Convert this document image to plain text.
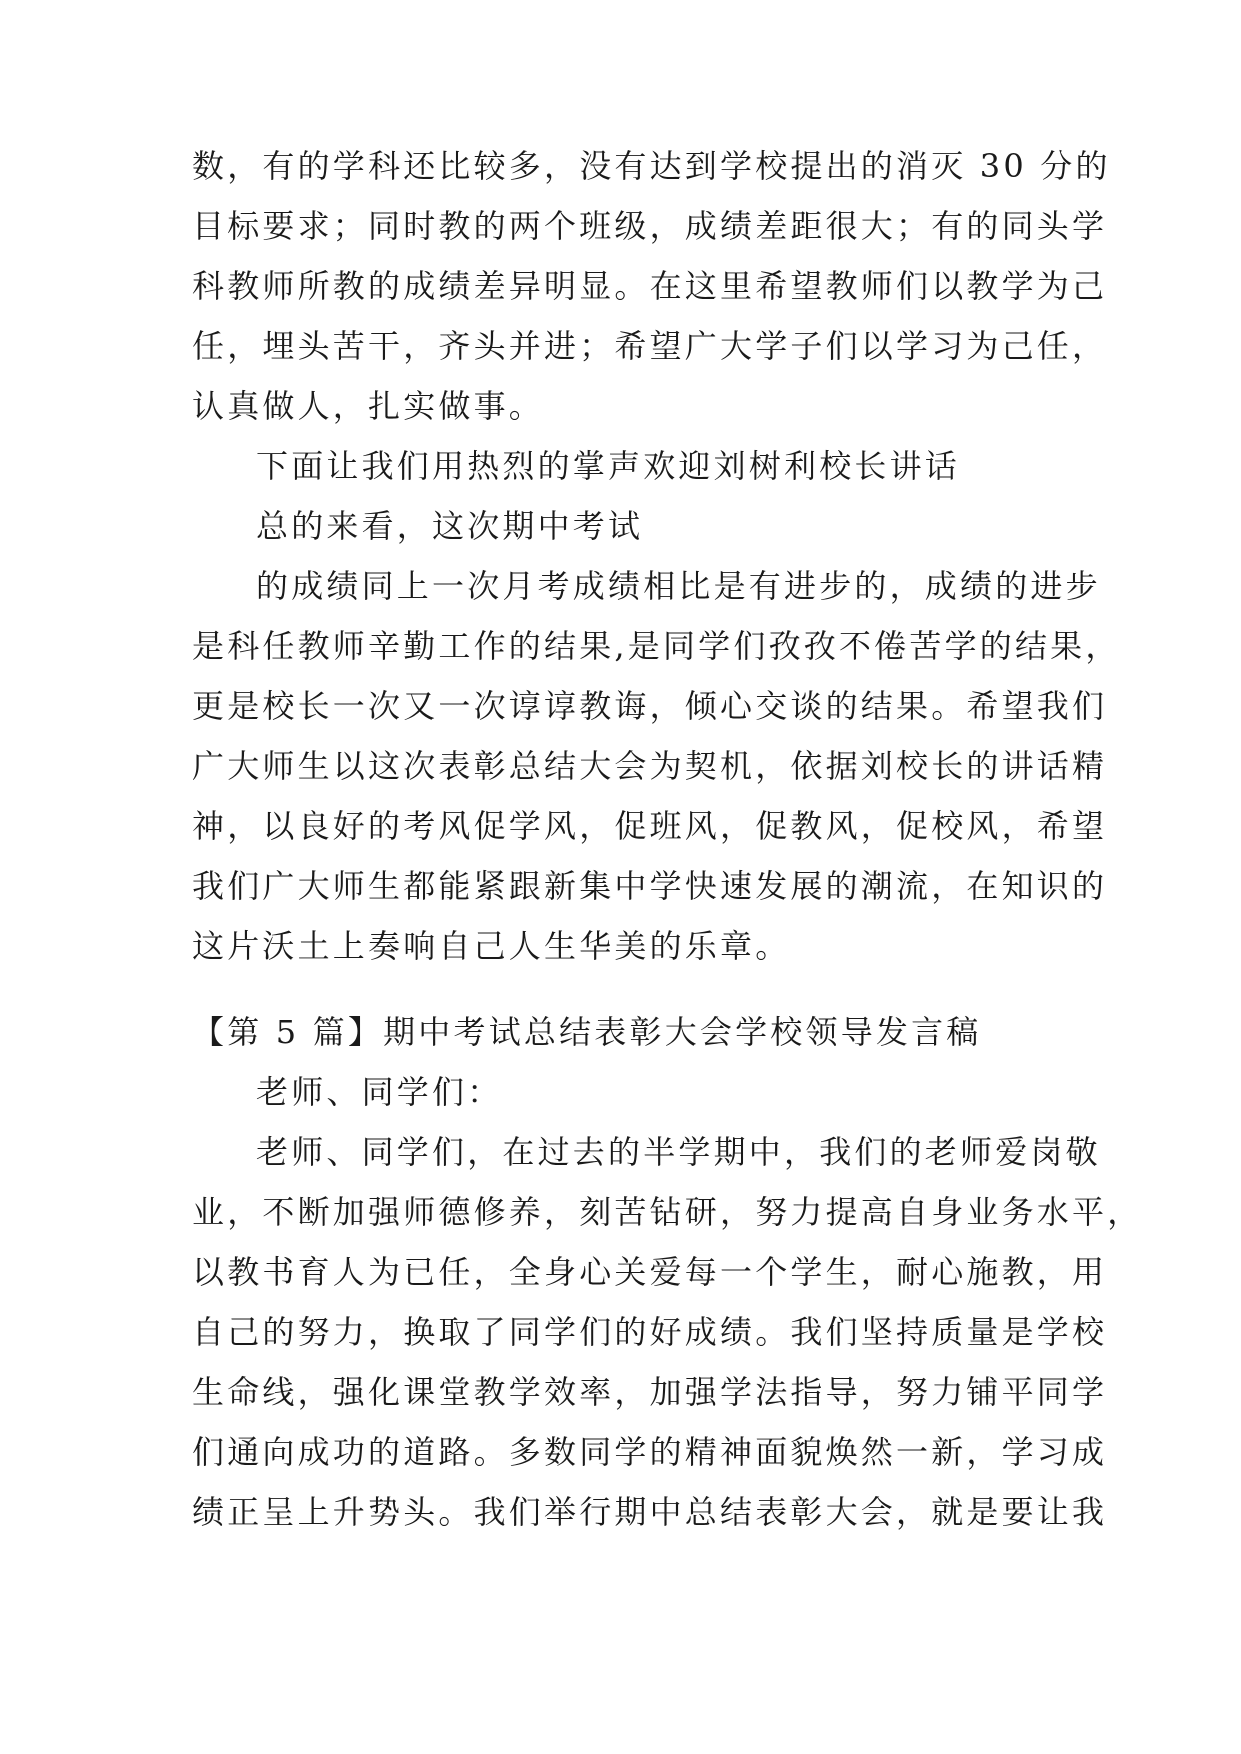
数，有的学科还比较多，没有达到学校提出的消灭 30 分的
目标要求；同时教的两个班级，成绩差距很大；有的同头学
科教师所教的成绩差异明显。在这里希望教师们以教学为己
任，埋头苦干，齐头并进；希望广大学子们以学习为己任，
认真做人，扎实做事。
下面让我们用热烈的掌声欢迎刘树利校长讲话
总的来看，这次期中考试
的成绩同上一次月考成绩相比是有进步的，成绩的进步
是科任教师辛勤工作的结果,是同学们孜孜不倦苦学的结果，
更是校长一次又一次谆谆教诲，倾心交谈的结果。希望我们
广大师生以这次表彰总结大会为契机，依据刘校长的讲话精
神，以良好的考风促学风，促班风，促教风，促校风，希望
我们广大师生都能紧跟新集中学快速发展的潮流，在知识的
这片沃土上奏响自己人生华美的乐章。
【第 5 篇】期中考试总结表彰大会学校领导发言稿
老师、同学们：
老师、同学们，在过去的半学期中，我们的老师爱岗敬
业，不断加强师德修养，刻苦钻研，努力提高自身业务水平，
以教书育人为已任，全身心关爱每一个学生，耐心施教，用
自己的努力，换取了同学们的好成绩。我们坚持质量是学校
生命线，强化课堂教学效率，加强学法指导，努力铺平同学
们通向成功的道路。多数同学的精神面貌焕然一新，学习成
绩正呈上升势头。我们举行期中总结表彰大会，就是要让我
